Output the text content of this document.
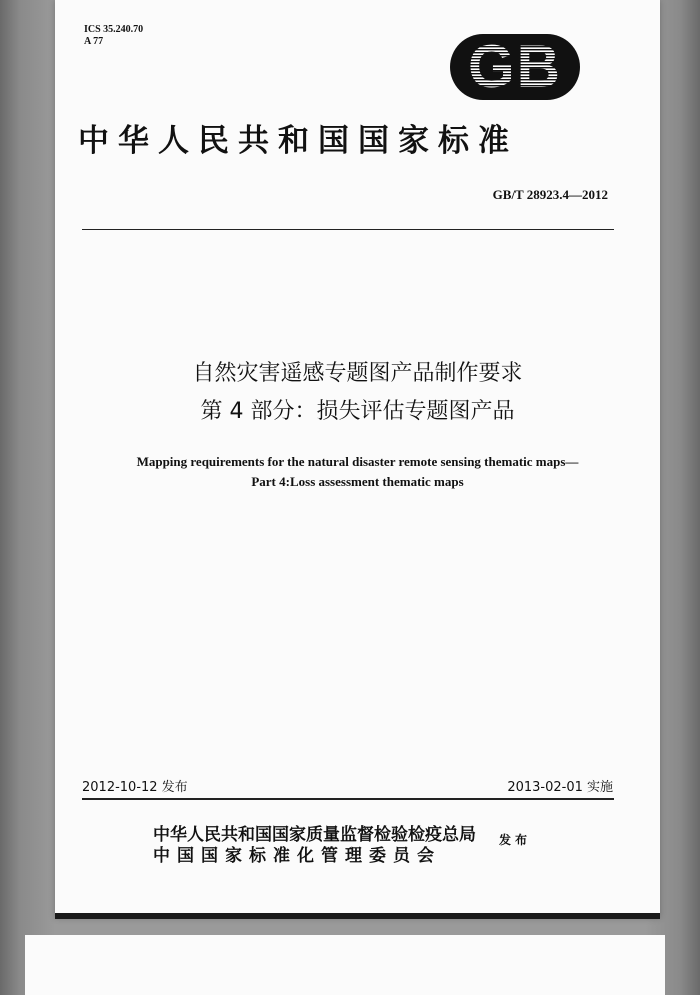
ICS 35.240.70
A 77	GB
中华人民共和国国家标准
GB/T 28923.4—2012
自然灾害遥感专题图产品制作要求
第 4 部分：损失评估专题图产品
Mapping requirements for the natural disaster remote sensing thematic maps—
Part 4:Loss assessment thematic maps
2012-10-12 发布	2013-02-01 实施
中华人民共和国国家质量监督检验检疫总局
中国国家标准化管理委员会
发布
